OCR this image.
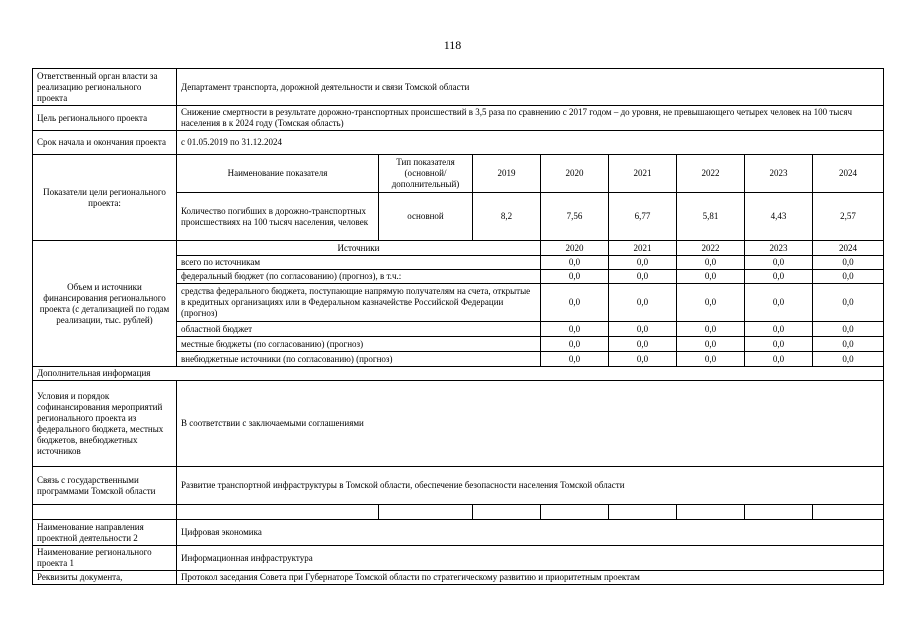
118
Ответственный орган власти за реализацию регионального проекта	Департамент транспорта, дорожной деятельности и связи Томской области							
Цель регионального проекта	Снижение смертности в результате дорожно-транспортных происшествий в 3,5 раза по сравнению с 2017 годом – до уровня, не превышающего четырех человек на 100 тысяч населения в к 2024 году (Томская область)							
Срок начала и окончания проекта	с 01.05.2019 по 31.12.2024							
Показатели цели регионального проекта:	Наименование показателя	Тип показателя (основной/дополнительный)	2019	2020	2021	2022	2023	2024
	Количество погибших в дорожно-транспортных происшествиях на 100 тысяч населения, человек	основной	8,2	7,56	6,77	5,81	4,43	2,57
Объем и источники финансирования регионального проекта (с детализацией по годам реализации, тыс. рублей)	Источники			2020	2021	2022	2023	2024
	всего по источникам			0,0	0,0	0,0	0,0	0,0
	федеральный бюджет (по согласованию) (прогноз), в т.ч.:			0,0	0,0	0,0	0,0	0,0
	средства федерального бюджета, поступающие напрямую получателям на счета, открытые в кредитных организациях или в Федеральном казначействе Российской Федерации (прогноз)			0,0	0,0	0,0	0,0	0,0
	областной бюджет			0,0	0,0	0,0	0,0	0,0
	местные бюджеты (по согласованию) (прогноз)			0,0	0,0	0,0	0,0	0,0
	внебюджетные источники (по согласованию) (прогноз)			0,0	0,0	0,0	0,0	0,0
Дополнительная информация								
Условия и порядок софинансирования мероприятий регионального проекта из федерального бюджета, местных бюджетов, внебюджетных источников	В соответствии с заключаемыми соглашениями							
Связь с государственными программами Томской области	Развитие транспортной инфраструктуры в Томской области, обеспечение безопасности населения Томской области							

Наименование направления проектной деятельности 2	Цифровая экономика							
Наименование регионального проекта 1	Информационная инфраструктура							
Реквизиты документа,	Протокол заседания Совета при Губернаторе Томской области по стратегическому развитию и приоритетным проектам							
